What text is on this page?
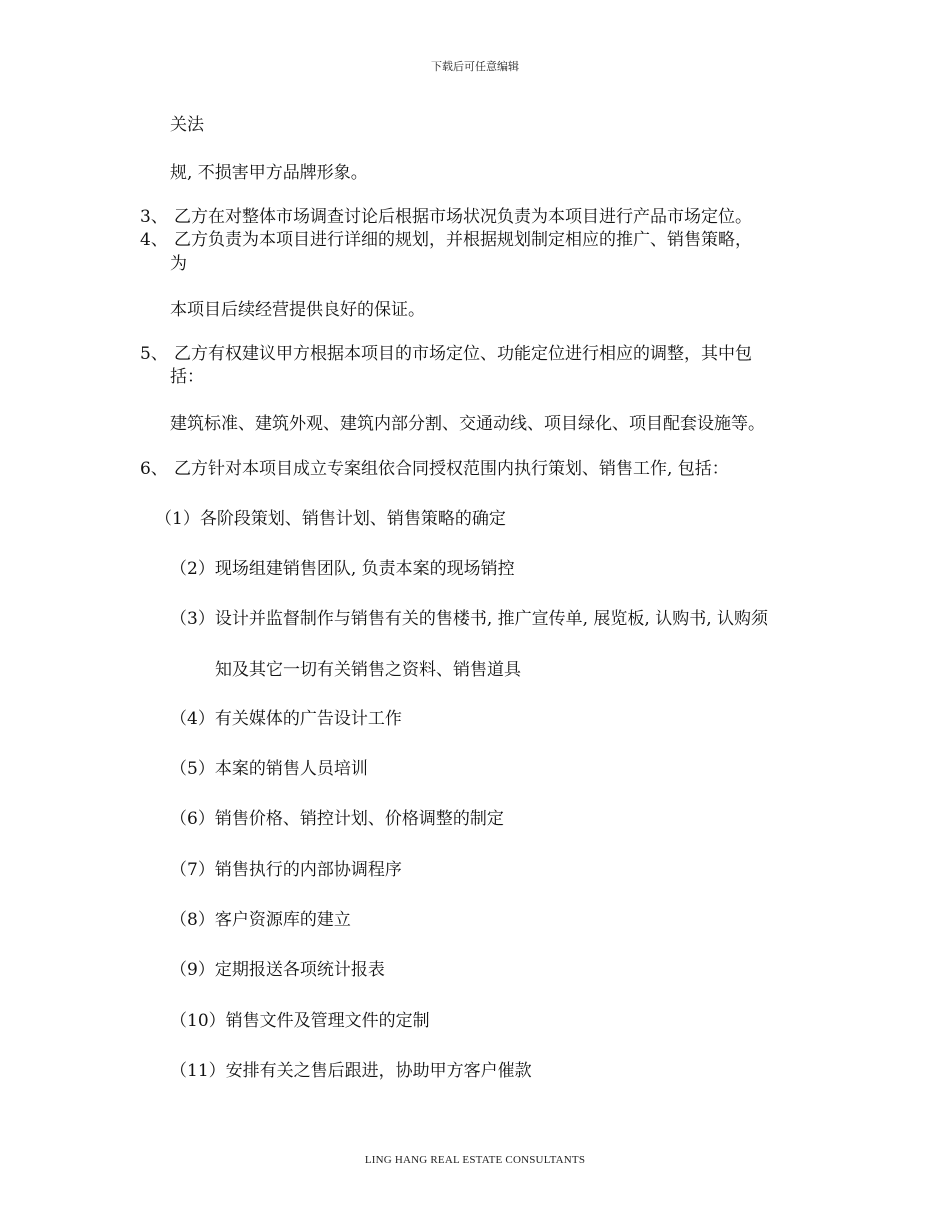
下载后可任意编辑
关法
规, 不损害甲方品牌形象。
3、 乙方在对整体市场调查讨论后根据市场状况负责为本项目进行产品市场定位。
4、 乙方负责为本项目进行详细的规划，并根据规划制定相应的推广、销售策略，
为
本项目后续经营提供良好的保证。
5、 乙方有权建议甲方根据本项目的市场定位、功能定位进行相应的调整，其中包
括：
建筑标准、建筑外观、建筑内部分割、交通动线、项目绿化、项目配套设施等。
6、 乙方针对本项目成立专案组依合同授权范围内执行策划、销售工作, 包括：
（1）各阶段策划、销售计划、销售策略的确定
（2）现场组建销售团队, 负责本案的现场销控
（3）设计并监督制作与销售有关的售楼书, 推广宣传单, 展览板, 认购书, 认购须
知及其它一切有关销售之资料、销售道具
（4）有关媒体的广告设计工作
（5）本案的销售人员培训
（6）销售价格、销控计划、价格调整的制定
（7）销售执行的内部协调程序
（8）客户资源库的建立
（9）定期报送各项统计报表
（10）销售文件及管理文件的定制
（11）安排有关之售后跟进，协助甲方客户催款
LING HANG REAL ESTATE CONSULTANTS
